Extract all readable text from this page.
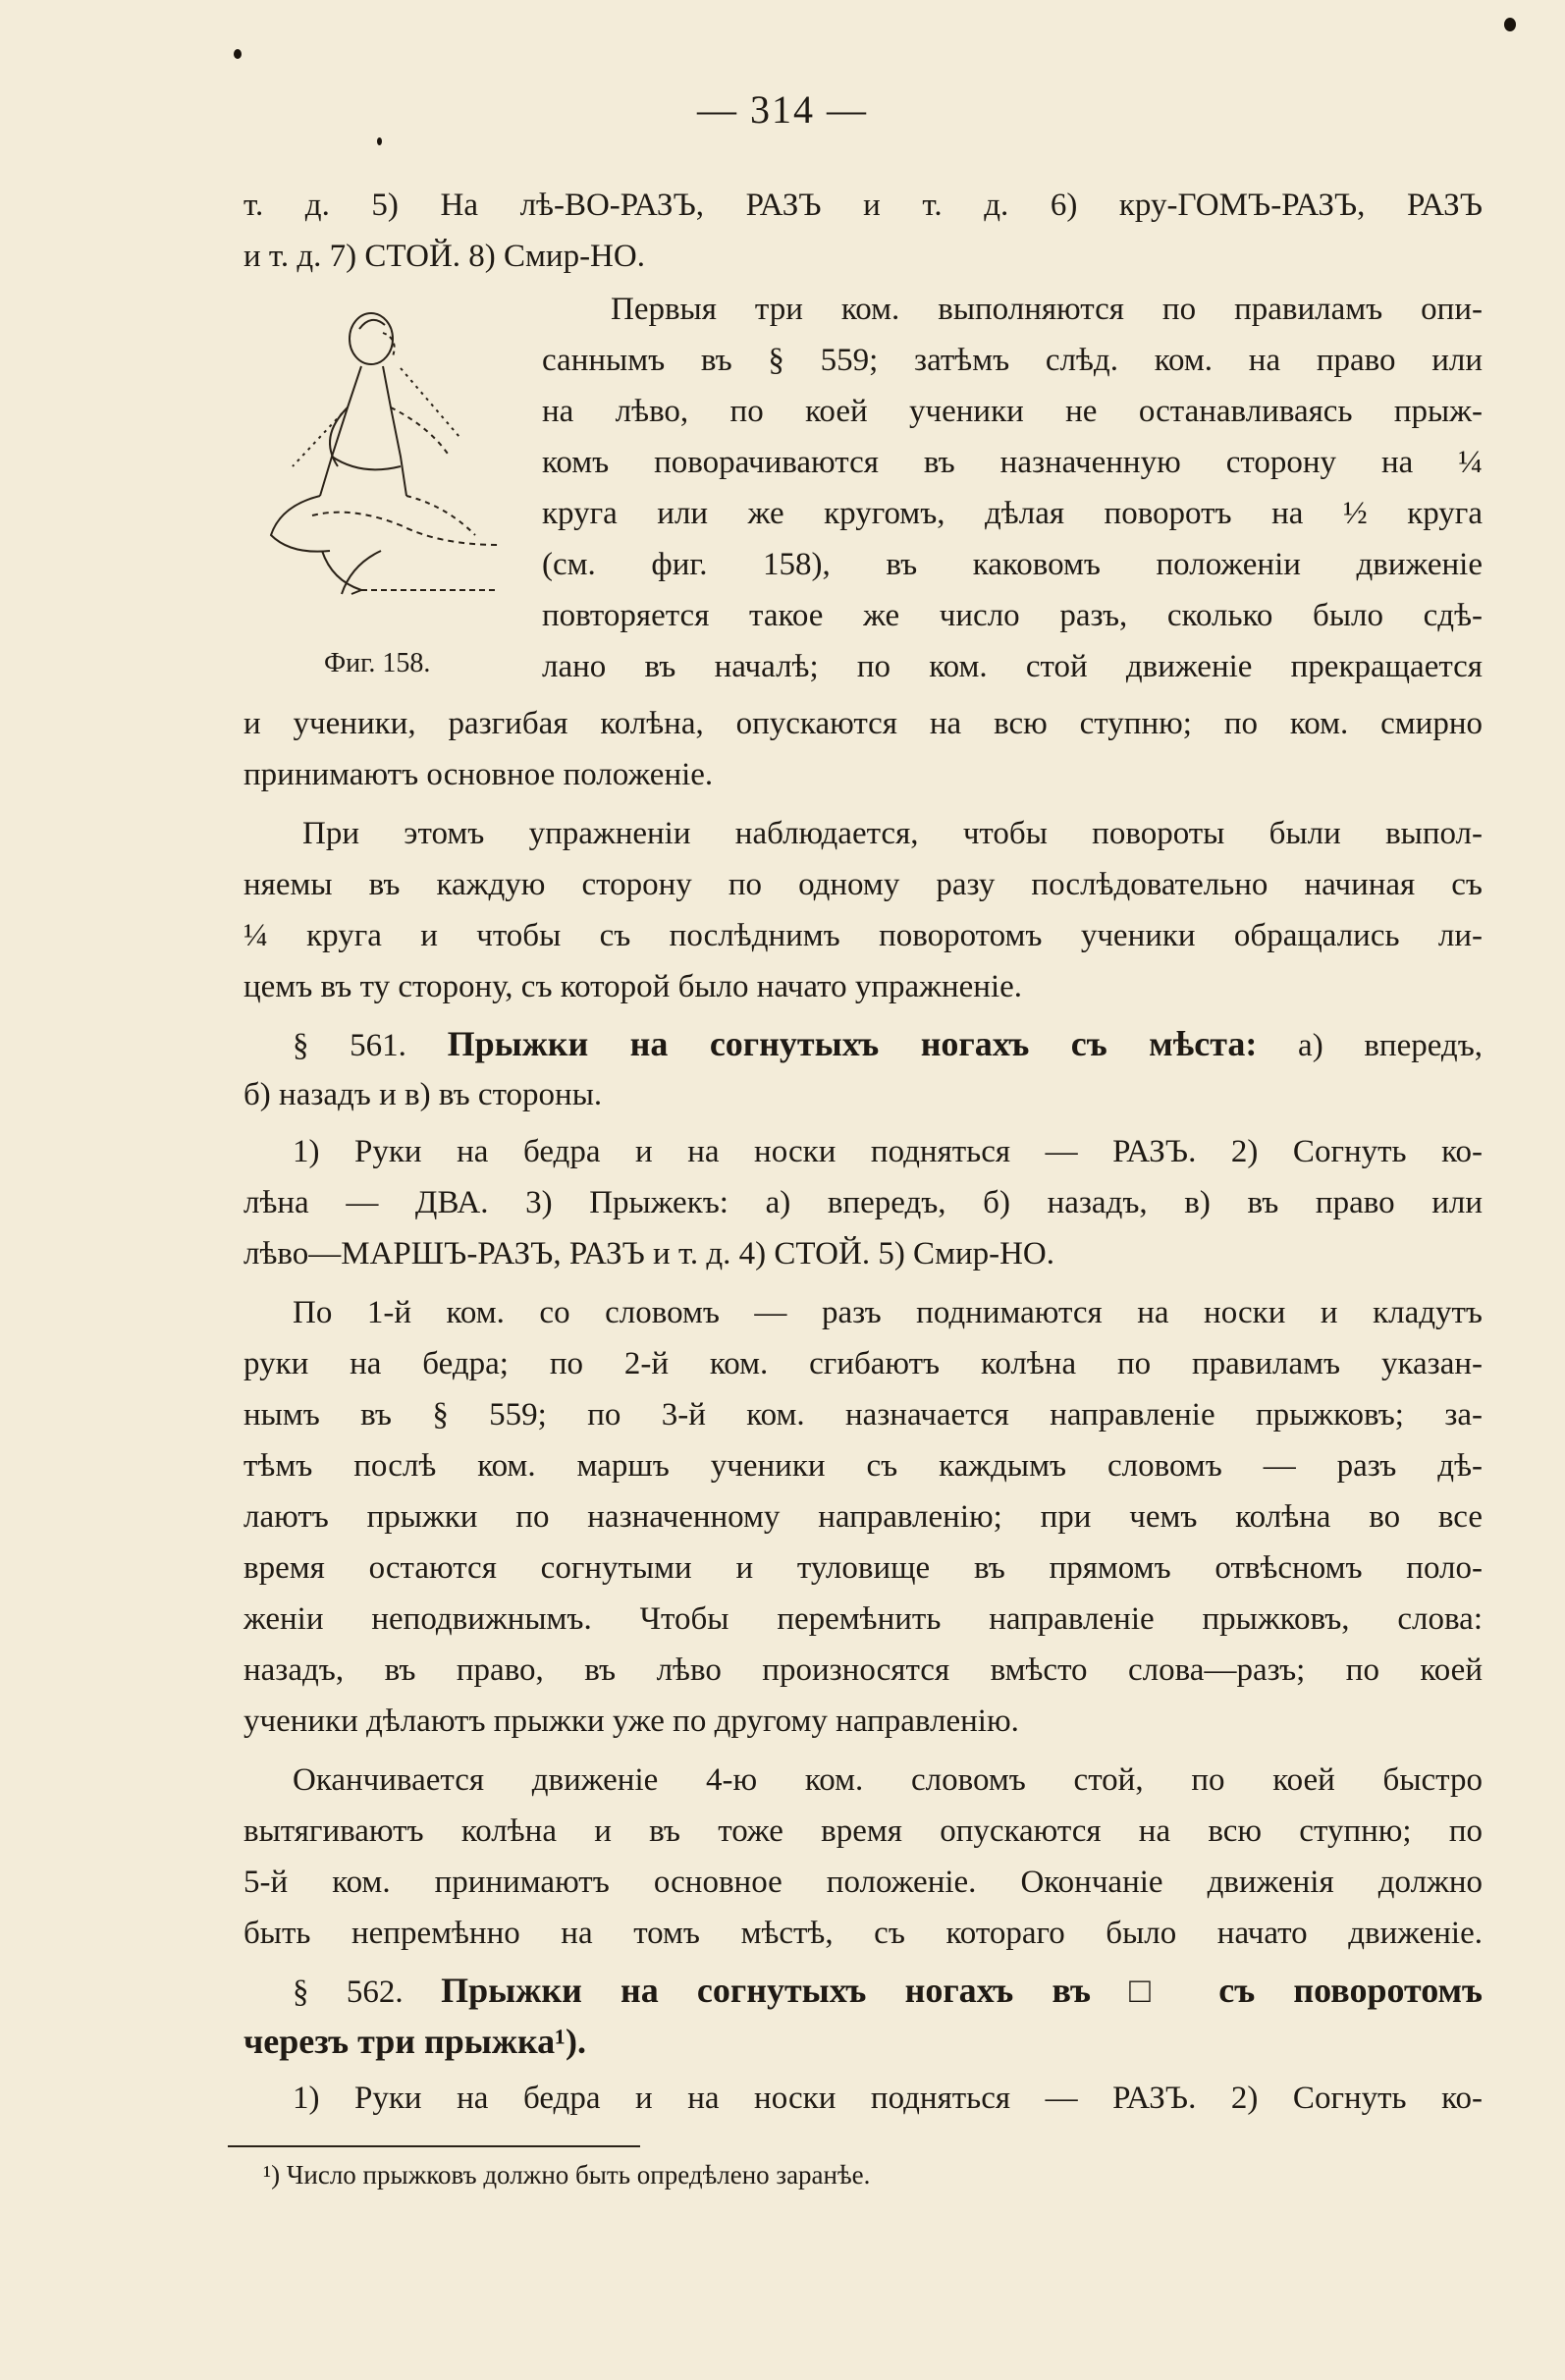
— 314 —
т. д. 5) На лѣ-ВО-РАЗЪ, РАЗЪ и т. д. 6) кру-ГОМЪ-РАЗЪ, РАЗЪ
и т. д. 7) СТОЙ. 8) Смир-НО.
Фиг. 158.
Первыя три ком. выполняются по правиламъ опи-
саннымъ въ § 559; затѣмъ слѣд. ком. на право или
на лѣво, по коей ученики не останавливаясь прыж-
комъ поворачиваются въ назначенную сторону на ¼
круга или же кругомъ, дѣлая поворотъ на ½ круга
(см. фиг. 158), въ каковомъ положеніи движеніе
повторяется такое же число разъ, сколько было сдѣ-
лано въ началѣ; по ком. стой движеніе прекращается
и ученики, разгибая колѣна, опускаются на всю ступню; по ком. смирно
принимаютъ основное положеніе.
При этомъ упражненіи наблюдается, чтобы повороты были выпол-
няемы въ каждую сторону по одному разу послѣдовательно начиная съ
¼ круга и чтобы съ послѣднимъ поворотомъ ученики обращались ли-
цемъ въ ту сторону, съ которой было начато упражненіе.
§ 561. Прыжки на согнутыхъ ногахъ съ мѣста: а) впередъ,
б) назадъ и в) въ стороны.
1) Руки на бедра и на носки подняться — РАЗЪ. 2) Согнуть ко-
лѣна — ДВА. 3) Прыжекъ: а) впередъ, б) назадъ, в) въ право или
лѣво—МАРШЪ-РАЗЪ, РАЗЪ и т. д. 4) СТОЙ. 5) Смир-НО.
По 1-й ком. со словомъ — разъ поднимаются на носки и кладутъ
руки на бедра; по 2-й ком. сгибаютъ колѣна по правиламъ указан-
нымъ въ § 559; по 3-й ком. назначается направленіе прыжковъ; за-
тѣмъ послѣ ком. маршъ ученики съ каждымъ словомъ — разъ дѣ-
лаютъ прыжки по назначенному направленію; при чемъ колѣна во все
время остаются согнутыми и туловище въ прямомъ отвѣсномъ поло-
женіи неподвижнымъ. Чтобы перемѣнить направленіе прыжковъ, слова:
назадъ, въ право, въ лѣво произносятся вмѣсто слова—разъ; по коей
ученики дѣлаютъ прыжки уже по другому направленію.
Оканчивается движеніе 4-ю ком. словомъ стой, по коей быстро
вытягиваютъ колѣна и въ тоже время опускаются на всю ступню; по
5-й ком. принимаютъ основное положеніе. Окончаніе движенія должно
быть непремѣнно на томъ мѣстѣ, съ котораго было начато движеніе.
§ 562. Прыжки на согнутыхъ ногахъ въ □ съ поворотомъ
черезъ три прыжка¹).
1) Руки на бедра и на носки подняться — РАЗЪ. 2) Согнуть ко-
¹) Число прыжковъ должно быть опредѣлено заранѣе.
